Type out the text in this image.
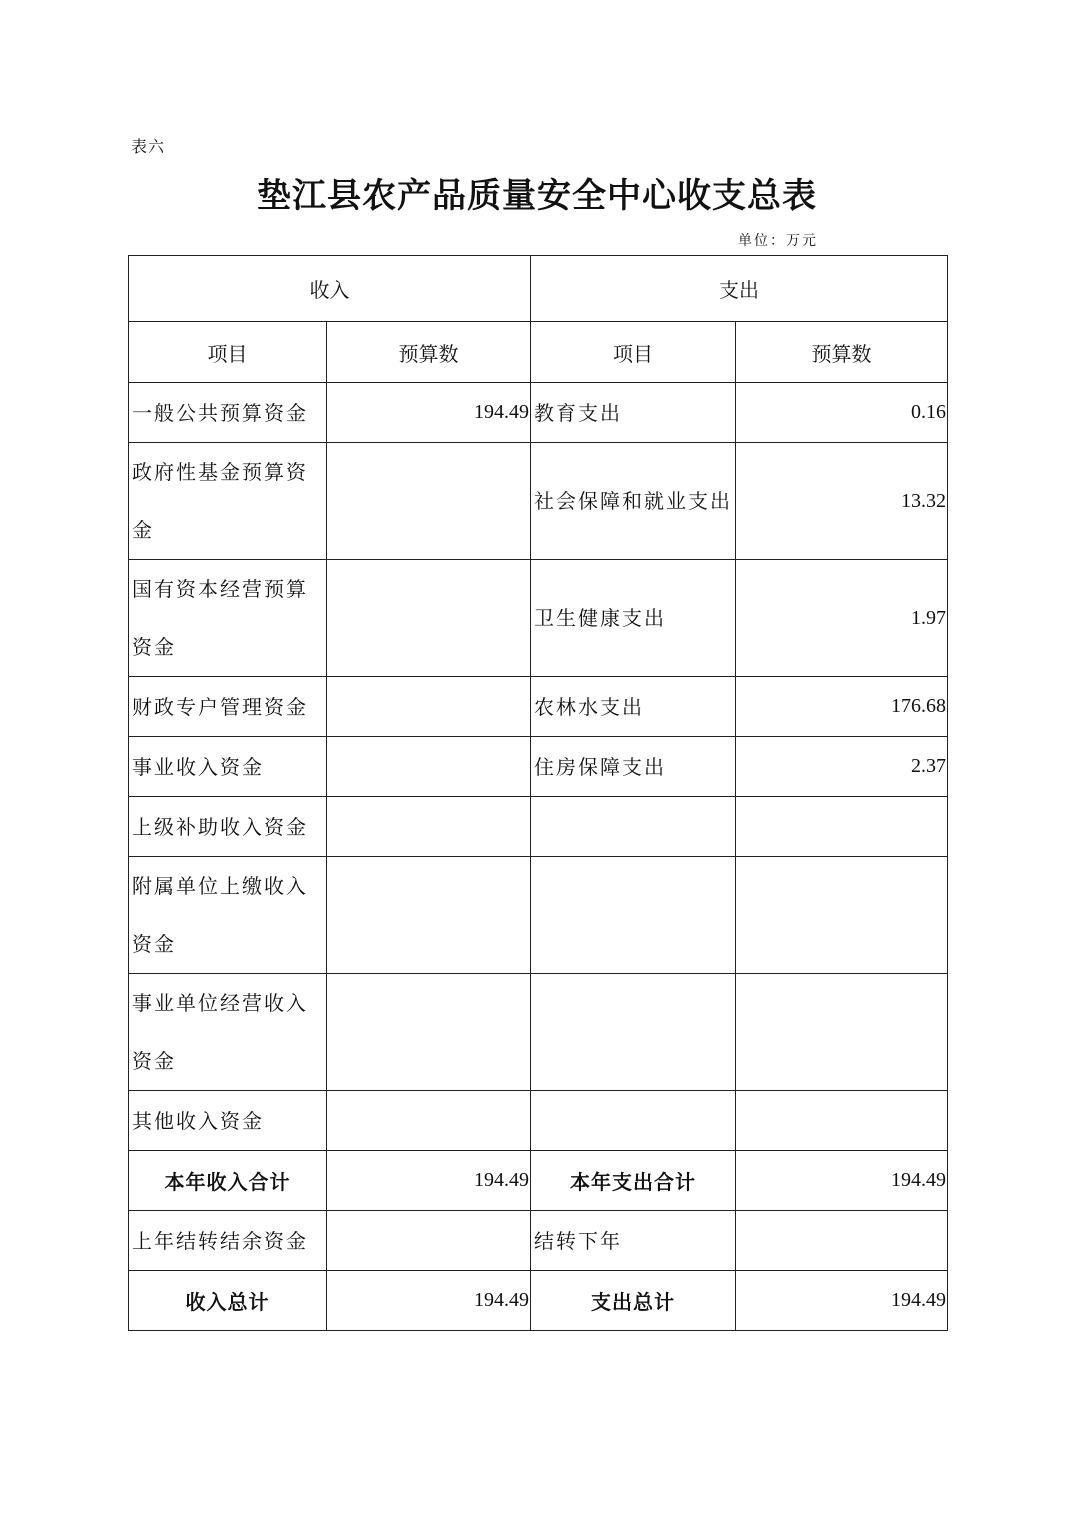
表六
垫江县农产品质量安全中心收支总表
单位：万元
收入		支出	
项目	预算数	项目	预算数
一般公共预算资金	194.49	教育支出	0.16
政府性基金预算资金		社会保障和就业支出	13.32
国有资本经营预算资金		卫生健康支出	1.97
财政专户管理资金		农林水支出	176.68
事业收入资金		住房保障支出	2.37
上级补助收入资金			
附属单位上缴收入资金			
事业单位经营收入资金			
其他收入资金			
本年收入合计	194.49	本年支出合计	194.49
上年结转结余资金		结转下年	
收入总计	194.49	支出总计	194.49
